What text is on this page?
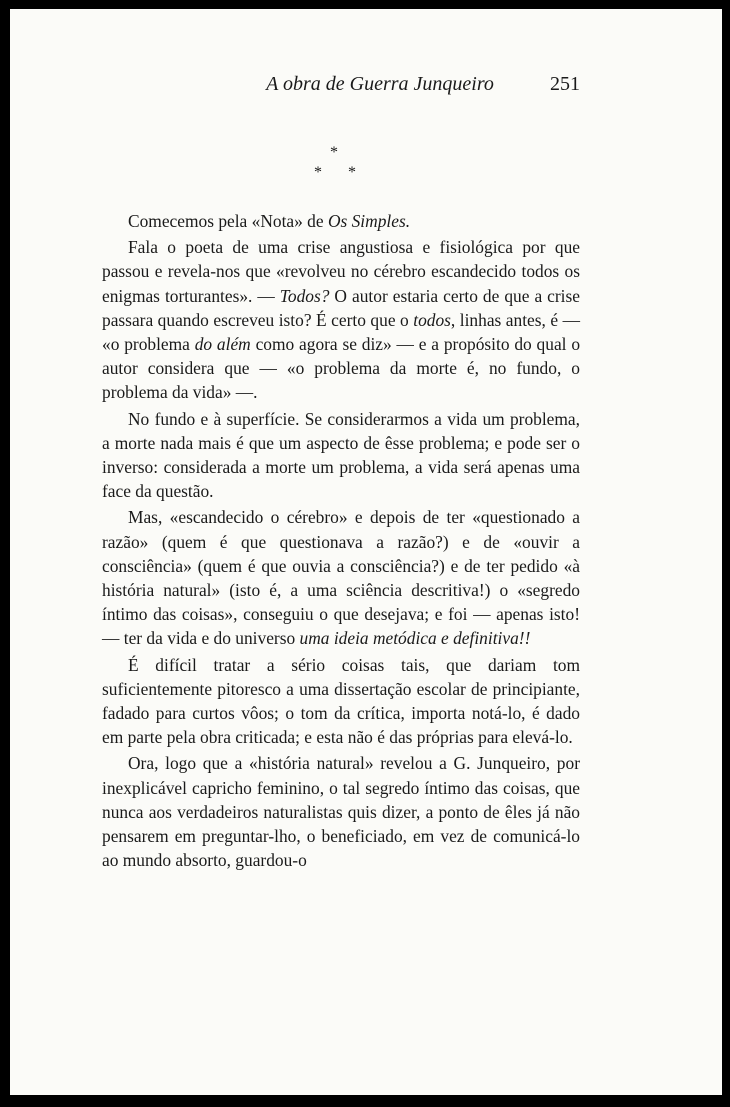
A obra de Guerra Junqueiro	251
*
* *

Comecemos pela «Nota» de Os Simples.

Fala o poeta de uma crise angustiosa e fisiológica por que passou e revela-nos que «revolveu no cérebro escandecido todos os enigmas torturantes». — Todos? O autor estaria certo de que a crise passara quando escreveu isto? É certo que o todos, linhas antes, é — «o problema do além como agora se diz» — e a propósito do qual o autor considera que — «o problema da morte é, no fundo, o problema da vida» —.

No fundo e à superfície. Se considerarmos a vida um problema, a morte nada mais é que um aspecto de êsse problema; e pode ser o inverso: considerada a morte um problema, a vida será apenas uma face da questão.

Mas, «escandecido o cérebro» e depois de ter «questionado a razão» (quem é que questionava a razão?) e de «ouvir a consciência» (quem é que ouvia a consciência?) e de ter pedido «à história natural» (isto é, a uma sciência descritiva!) o «segredo íntimo das coisas», conseguiu o que desejava; e foi — apenas isto! — ter da vida e do universo uma ideia metódica e definitiva!!

É difícil tratar a sério coisas tais, que dariam tom suficientemente pitoresco a uma dissertação escolar de principiante, fadado para curtos vôos; o tom da crítica, importa notá-lo, é dado em parte pela obra criticada; e esta não é das próprias para elevá-lo.

Ora, logo que a «história natural» revelou a G. Junqueiro, por inexplicável capricho feminino, o tal segredo íntimo das coisas, que nunca aos verdadeiros naturalistas quis dizer, a ponto de êles já não pensarem em preguntar-lho, o beneficiado, em vez de comunicá-lo ao mundo absorto, guardou-o
